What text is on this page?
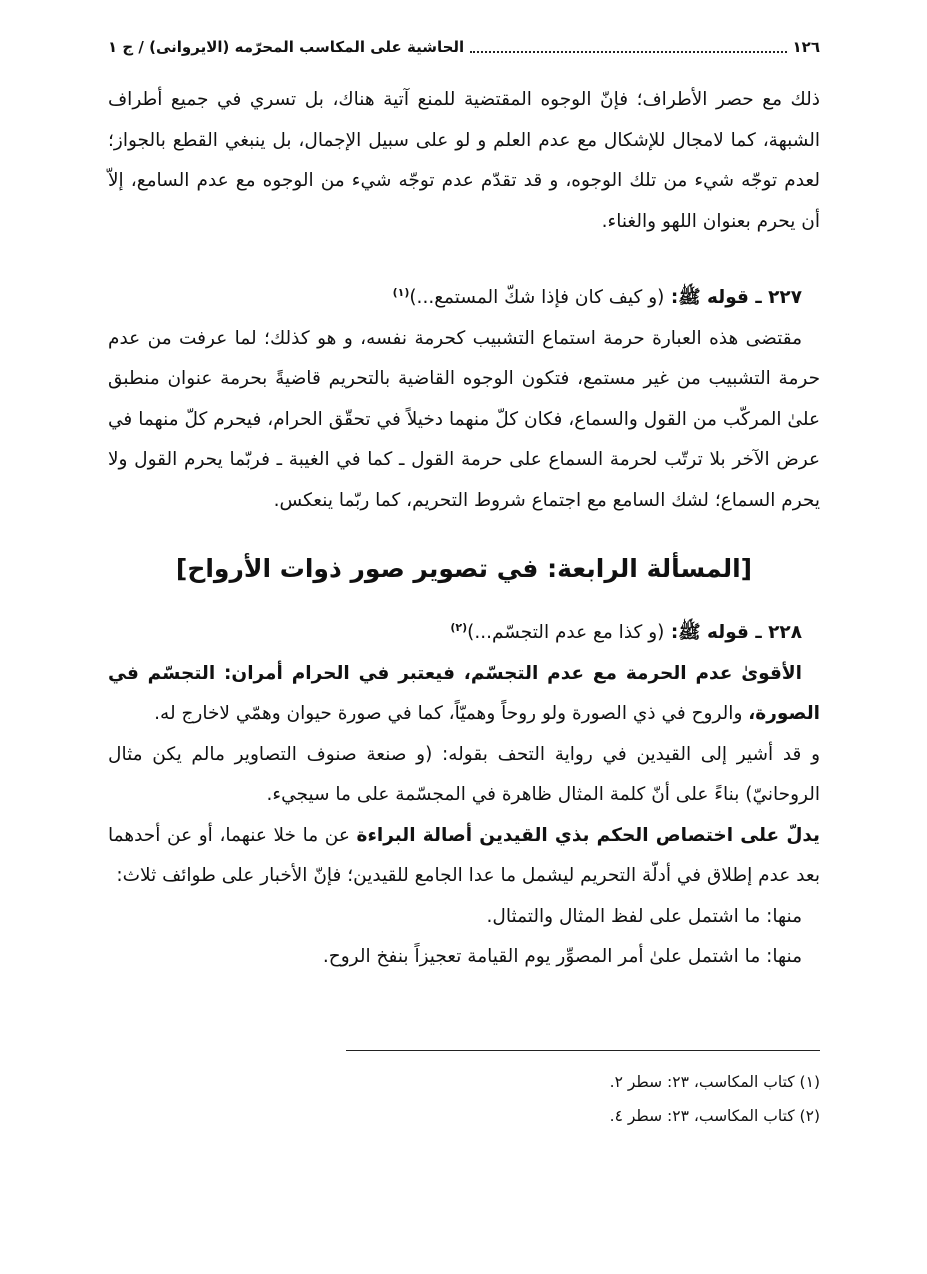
١٢٦
الحاشية على المكاسب المحرّمه (الايروانى) / ج ١

ذلك مع حصر الأطراف؛ فإنّ الوجوه المقتضية للمنع آتية هناك، بل تسري في جميع أطراف الشبهة، كما لامجال للإشكال مع عدم العلم و لو على سبيل الإجمال، بل ينبغي القطع بالجواز؛ لعدم توجّه شيء من تلك الوجوه، و قد تقدّم عدم توجّه شيء من الوجوه مع عدم السامع، إلاّ أن يحرم بعنوان اللهو والغناء.

٢٢٧ ـ قوله ﷺ: (و كيف كان فإذا شكّ المستمع...)$^{(١)}$

مقتضى هذه العبارة حرمة استماع التشبيب كحرمة نفسه، و هو كذلك؛ لما عرفت من عدم حرمة التشبيب من غير مستمع، فتكون الوجوه القاضية بالتحريم قاضيةً بحرمة عنوان منطبق علىٰ المركّب من القول والسماع، فكان كلّ منهما دخيلاً في تحقّق الحرام، فيحرم كلّ منهما في عرض الآخر بلا ترتّب لحرمة السماع على حرمة القول ـ كما في الغيبة ـ فربّما يحرم القول ولا يحرم السماع؛ لشك السامع مع اجتماع شروط التحريم، كما ربّما ينعكس.

[المسألة الرابعة: في تصوير صور ذوات الأرواح]

٢٢٨ ـ قوله ﷺ: (و كذا مع عدم التجسّم...)$^{(٢)}$

الأقوىٰ عدم الحرمة مع عدم التجسّم، فيعتبر في الحرام أمران: التجسّم في الصورة، والروح في ذي الصورة ولو روحاً وهميّاً، كما في صورة حيوان وهمّي لاخارج له.

و قد أشير إلى القيدين في رواية التحف بقوله: (و صنعة صنوف التصاوير مالم يكن مثال الروحانيّ) بناءً على أنّ كلمة المثال ظاهرة في المجسّمة على ما سيجيء.

يدلّ على اختصاص الحكم بذي القيدين أصالة البراءة عن ما خلا عنهما، أو عن أحدهما بعد عدم إطلاق في أدلّة التحريم ليشمل ما عدا الجامع للقيدين؛ فإنّ الأخبار على طوائف ثلاث:

منها: ما اشتمل على لفظ المثال والتمثال.

منها: ما اشتمل علىٰ أمر المصوِّر يوم القيامة تعجيزاً بنفخ الروح.

(١) كتاب المكاسب، ٢٣: سطر ٢.
(٢) كتاب المكاسب، ٢٣: سطر ٤.
